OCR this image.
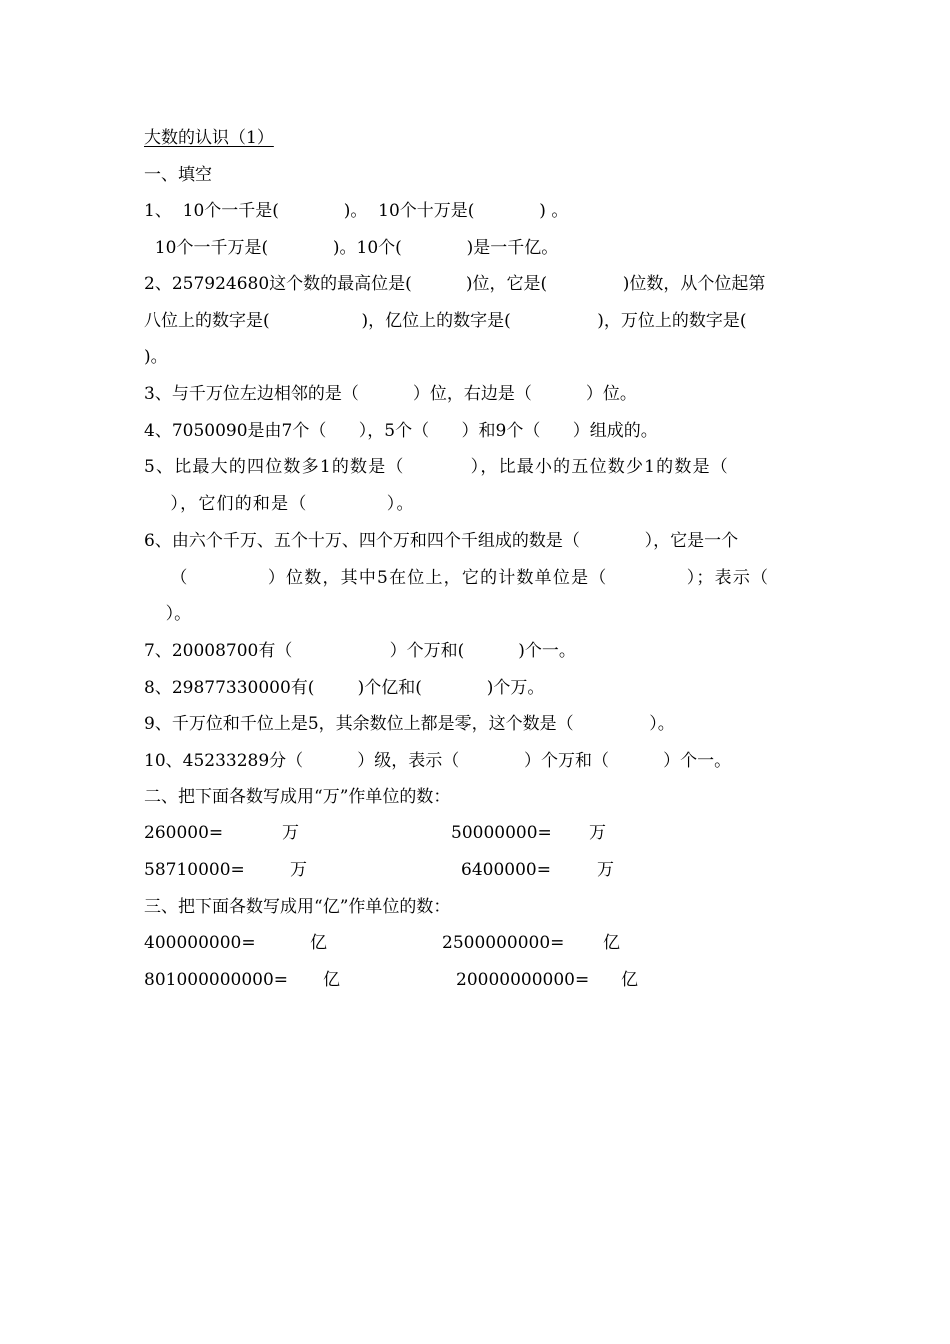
大数的认识（1）
一、填空
1、  10个一千是(            )。  10个十万是(            ) 。
10个一千万是(            )。10个(            )是一千亿。
2、257924680这个数的最高位是(          )位，它是(              )位数，从个位起第
八位上的数字是(                 )，亿位上的数字是(                )，万位上的数字是(
)。
3、与千万位左边相邻的是（          ）位，右边是（          ）位。
4、7050090是由7个（      ），5个（      ）和9个（      ）组成的。
5、比最大的四位数多1的数是（          ），比最小的五位数少1的数是（
），它们的和是（            ）。
6、由六个千万、五个十万、四个万和四个千组成的数是（            ），它是一个
（            ）位数，其中5在位上，它的计数单位是（            ）；表示（
）。
7、20008700有（                  ）个万和(          )个一。
8、29877330000有(        )个亿和(            )个万。
9、千万位和千位上是5，其余数位上都是零，这个数是（              ）。
10、45233289分（          ）级，表示（            ）个万和（          ）个一。
二、把下面各数写成用“万”作单位的数：
260000=	万	50000000= 万
58710000=	万	6400000=	万
三、把下面各数写成用“亿”作单位的数：
400000000=	亿	2500000000= 亿
801000000000= 亿	20000000000= 亿
